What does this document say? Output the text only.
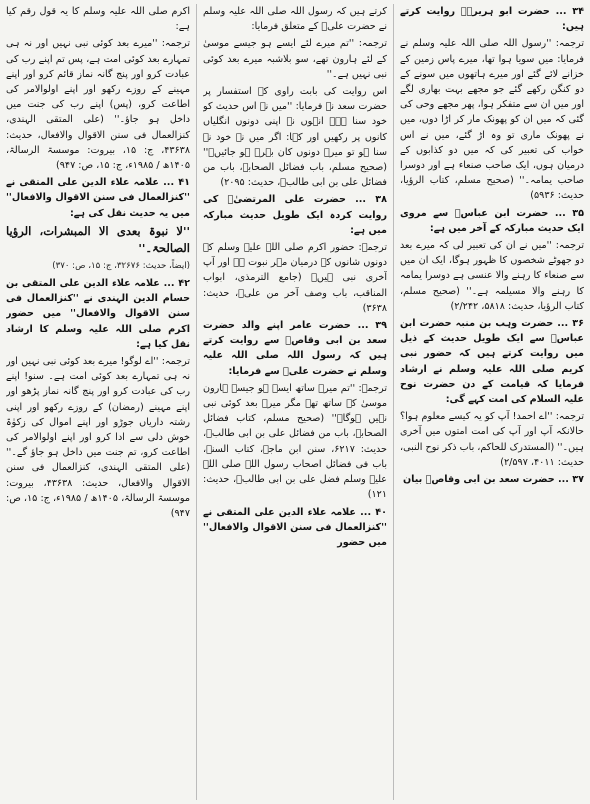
۳۴ ... حضرت ابو ہریرہؓ روایت کرتے ہیں:

ترجمہ: ''رسول اللہ صلی اللہ علیہ وسلم نے فرمایا: میں سویا ہوا تھا، میرے پاس زمین کے خزانے لائے گئے اور میرے ہاتھوں میں سونے کے دو کنگن رکھے گئے جو مجھے بہت بھاری لگے اور میں ان سے متفکر ہوا، پھر مجھے وحی کی گئی کہ میں ان کو پھونک مار کر اڑا دوں، میں نے پھونک ماری تو وہ اڑ گئے، میں نے اس خواب کی تعبیر کی کہ میں دو کذابوں کے درمیان ہوں، ایک صاحب صنعاء ہے اور دوسرا صاحب یمامہ۔'' (صحیح مسلم، کتاب الرؤیا، حدیث: ۵۹۳۶)

۳۵ ... حضرت ابن عباسؓ سے مروی ایک حدیث مبارکہ کے آخر میں ہے:

ترجمہ: ''میں نے ان کی تعبیر لی کہ میرے بعد دو جھوٹے شخصوں کا ظہور ہوگا، ایک ان میں سے صنعاء کا رہنے والا عنسی ہے دوسرا یمامہ کا رہنے والا مسیلمہ ہے۔'' (صحیح مسلم، کتاب الرؤیا، حدیث: ۵۸۱۸، ۲/۲۴۲)

۳۶ ... حضرت وہب بن منبہ حضرت ابن عباسؓ سے ایک طویل حدیث کے ذیل میں روایت کرتے ہیں کہ حضور نبی کریم صلی اللہ علیہ وسلم نے ارشاد فرمایا کہ قیامت کے دن حضرت نوح علیہ السلام کی امت کہے گی:

ترجمہ: ''اے احمد! آپ کو یہ کیسے معلوم ہوا؟ حالانکہ آپ اور آپ کی امت امتوں میں آخری ہیں۔'' (المستدرک للحاکم، باب ذکر نوح النبی، حدیث: ۴۰۱۱، ۲/۵۹۷)

۳۷ ... حضرت سعد بن ابی وقاصؓ بیان

کرتے ہیں کہ رسول اللہ صلی اللہ علیہ وسلم نے حضرت علیؓ کے متعلق فرمایا:

ترجمہ: ''تم میرے لئے ایسے ہو جیسے موسیٰ کے لئے ہارون تھے، سو بلاشبہ میرے بعد کوئی نبی نہیں ہے۔''

اس روایت کی بابت راوی کے استفسار پر حضرت سعد نے فرمایا: ''میں نے اس حدیث کو خود سنا ہے۔ انہوں نے اپنی دونوں انگلیاں کانوں پر رکھیں اور کہا: اگر میں نے خود نہ سنا ہو تو میرے دونوں کان بہرے ہو جائیں۔'' (صحیح مسلم، باب فضائل الصحابہ، باب من فضائل علی بن ابی طالبؓ، حدیث: ۲۰۹۵)

۳۸ ... حضرت علی المرتضیٰؓ کی روایت کردہ ایک طویل حدیث مبارکہ میں ہے:

ترجمہ: حضور اکرم صلی اللہ علیہ وسلم کے دونوں شانوں کے درمیان مہر نبوت ہے اور آپ آخری نبی ہیں۔ (جامع الترمذی، ابواب المناقب، باب وصف آخر من علیؓ، حدیث: ۳۶۳۸)

۳۹ ... حضرت عامر اپنے والد حضرت سعد بن ابی وقاصؓ سے روایت کرتے ہیں کہ رسول اللہ صلی اللہ علیہ وسلم نے حضرت علیؓ سے فرمایا:

ترجمہ: ''تم میرے ساتھ ایسے ہو جیسے ہارون موسیٰ کے ساتھ تھے مگر میرے بعد کوئی نبی نہیں ہوگا۔'' (صحیح مسلم، کتاب فضائل الصحابہ، باب من فضائل علی بن ابی طالبؓ، حدیث: ۶۲۱۷، سنن ابن ماجہ، کتاب السنۃ، باب فی فضائل اصحاب رسول اللہ صلی اللہ علیہ وسلم فضل علی بن ابی طالبؓ، حدیث: ۱۲۱)

۴۰ ... علامہ علاء الدین علی المتقی نے ''کنزالعمال فی سنن الاقوال والافعال'' میں حضور

اکرم صلی اللہ علیہ وسلم کا یہ قول رقم کیا ہے:

ترجمہ: ''میرے بعد کوئی نبی نہیں اور نہ ہی تمہارے بعد کوئی امت ہے، پس تم اپنے رب کی عبادت کرو اور پنج گانہ نماز قائم کرو اور اپنے مہینے کے روزے رکھو اور اپنے اولوالامر کی اطاعت کرو، (پس) اپنے رب کی جنت میں داخل ہو جاؤ۔'' (علی المتقی الہندی، کنزالعمال فی سنن الاقوال والافعال، حدیث: ۴۳۶۳۸، ج: ۱۵، بیروت: موسسۃ الرسالۃ، ۱۴۰۵ھ / ۱۹۸۵ء، ج: ۱۵، ص: ۹۴۷)

۴۱ ... علامہ علاء الدین علی المتقی نے ''کنزالعمال فی سنن الاقوال والافعال'' میں یہ حدیث نقل کی ہے:

''لا نبوۃ بعدی الا المبشرات، الرؤیا الصالحۃ۔''

(ایضاً، حدیث: ۳۲۶۷۶، ج: ۱۵، ص: ۳۷۰)

۴۲ ... علامہ علاء الدین علی المتقی بن حسام الدین الہندی نے ''کنزالعمال فی سنن الاقوال والافعال'' میں حضور اکرم صلی اللہ علیہ وسلم کا ارشاد نقل کیا ہے:

ترجمہ: ''اے لوگو! میرے بعد کوئی نبی نہیں اور نہ ہی تمہارے بعد کوئی امت ہے۔ سنو! اپنے رب کی عبادت کرو اور پنج گانہ نماز پڑھو اور اپنے مہینے (رمضان) کے روزے رکھو اور اپنی رشتہ داریاں جوڑو اور اپنے اموال کی زکوٰۃ خوش دلی سے ادا کرو اور اپنے اولوالامر کی اطاعت کرو، تم جنت میں داخل ہو جاؤ گے۔'' (علی المتقی الہندی، کنزالعمال فی سنن الاقوال والافعال، حدیث: ۴۳۶۳۸، بیروت: موسسۃ الرسالۃ، ۱۴۰۵ھ / ۱۹۸۵ء، ج: ۱۵، ص: ۹۴۷)
